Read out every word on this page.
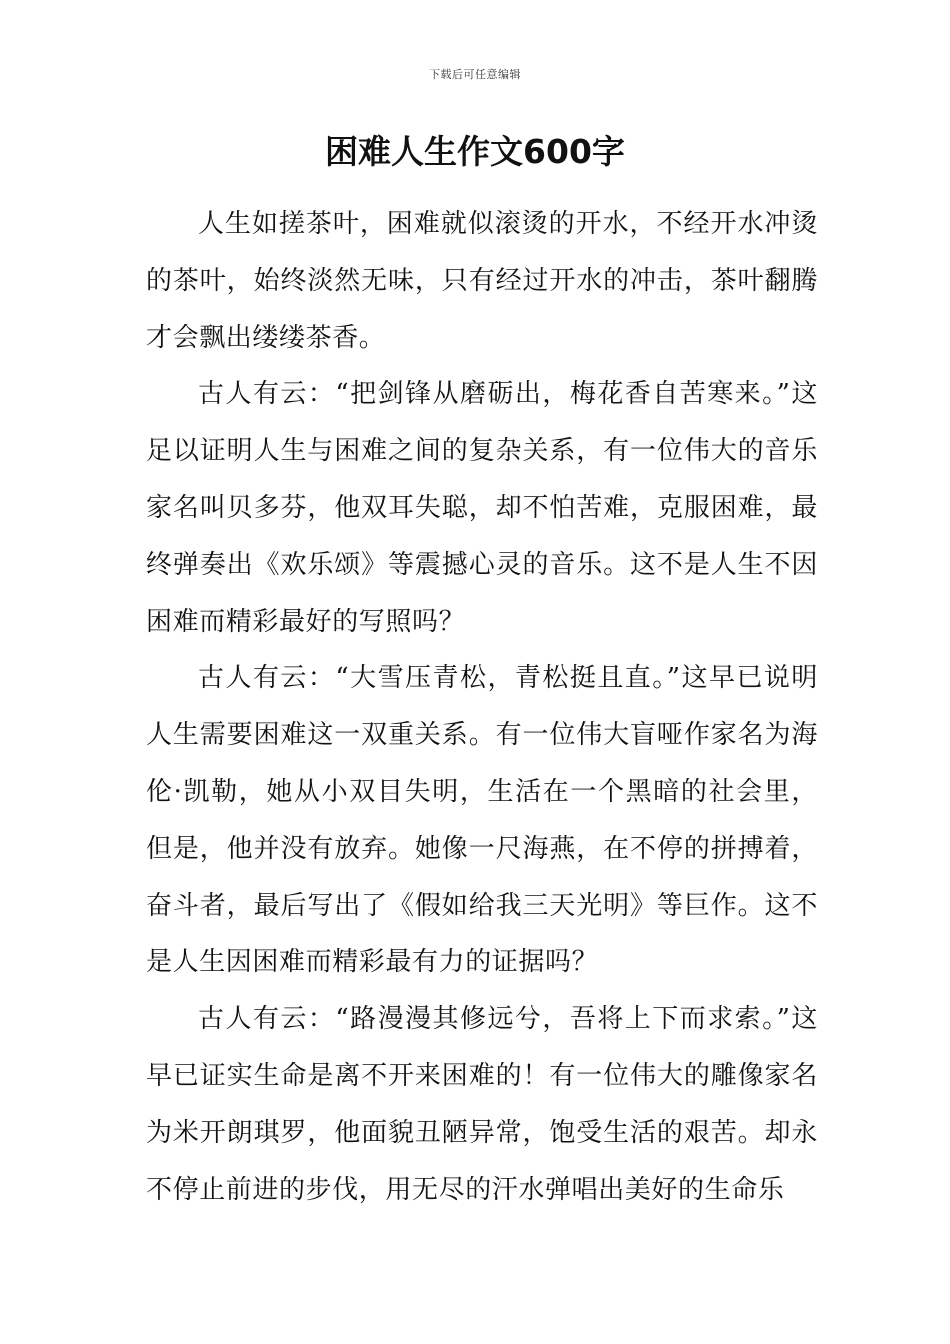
下载后可任意编辑
困难人生作文600字

人生如搓茶叶，困难就似滚烫的开水，不经开水冲烫的茶叶，始终淡然无味，只有经过开水的冲击，茶叶翻腾才会飘出缕缕茶香。

古人有云：“把剑锋从磨砺出，梅花香自苦寒来。”这足以证明人生与困难之间的复杂关系，有一位伟大的音乐家名叫贝多芬，他双耳失聪，却不怕苦难，克服困难，最终弹奏出《欢乐颂》等震撼心灵的音乐。这不是人生不因困难而精彩最好的写照吗？

古人有云：“大雪压青松，青松挺且直。”这早已说明人生需要困难这一双重关系。有一位伟大盲哑作家名为海伦·凯勒，她从小双目失明，生活在一个黑暗的社会里，但是，他并没有放弃。她像一尺海燕，在不停的拼搏着，奋斗者，最后写出了《假如给我三天光明》等巨作。这不是人生因困难而精彩最有力的证据吗？

古人有云：“路漫漫其修远兮，吾将上下而求索。”这早已证实生命是离不开来困难的！有一位伟大的雕像家名为米开朗琪罗，他面貌丑陋异常，饱受生活的艰苦。却永不停止前进的步伐，用无尽的汗水弹唱出美好的生命乐
